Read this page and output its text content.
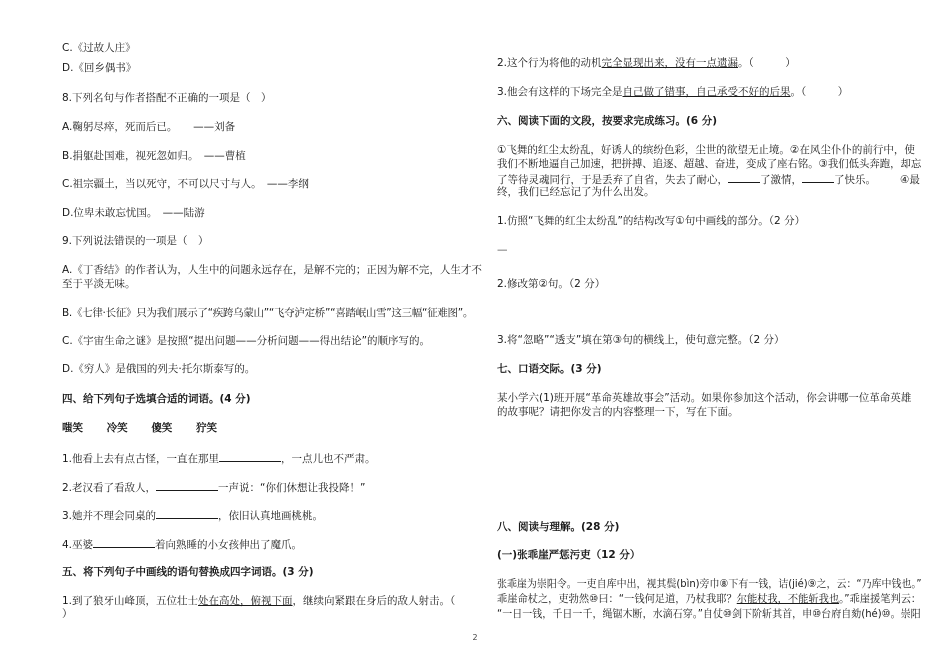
C.《过故人庄》
D.《回乡偶书》
8.下列名句与作者搭配不正确的一项是（　）
A.鞠躬尽瘁，死而后已。　　——刘备
B.捐躯赴国难，视死忽如归。　——曹植
C.祖宗疆土，当以死守，不可以尺寸与人。　——李纲
D.位卑未敢忘忧国。　——陆游
9.下列说法错误的一项是（　）
A.《丁香结》的作者认为，人生中的问题永远存在，是解不完的；正因为解不完，人生才不
至于平淡无味。
B.《七律·长征》只为我们展示了“疾跨乌蒙山”“飞夺泸定桥”“喜踏岷山雪”这三幅“征难图”。
C.《宇宙生命之谜》是按照“提出问题——分析问题——得出结论”的顺序写的。
D.《穷人》是俄国的列夫·托尔斯泰写的。
四、给下列句子选填合适的词语。(4 分)
嗤笑 冷笑 傻笑 狞笑
1.他看上去有点古怪，一直在那里	，一点儿也不严肃。
2.老汉看了看敌人，	一声说：“你们休想让我投降！”
3.她并不理会同桌的	，依旧认真地画桃桃。
4.巫婆	着向熟睡的小女孩伸出了魔爪。
五、将下列句子中画线的语句替换成四字词语。(3 分)
1.到了狼牙山峰顶，五位壮士处在高处，俯视下面，继续向紧跟在身后的敌人射击。（
）
2.这个行为将他的动机完全显现出来，没有一点遗漏。（　　　）
3.他会有这样的下场完全是自己做了错事，自己承受不好的后果。（　　　）
六、阅读下面的文段，按要求完成练习。(6 分)
①飞舞的红尘太纷乱，好诱人的缤纷色彩，尘世的欲望无止境。②在风尘仆仆的前行中，使
我们不断地逼自己加速，把拼搏、追逐、超越、奋进，变成了座右铭。③我们低头奔跑，却忘
了等待灵魂同行，于是丢弃了自省，失去了耐心，	了激情，	了快乐。 ④最
终，我们已经忘记了为什么出发。
1.仿照“飞舞的红尘太纷乱”的结构改写①句中画线的部分。（2 分）
—
2.修改第②句。（2 分）
3.将“忽略”“透支”填在第③句的横线上，使句意完整。（2 分）
七、口语交际。(3 分)
某小学六(1)班开展“革命英雄故事会”活动。如果你参加这个活动，你会讲哪一位革命英雄
的故事呢？请把你发言的内容整理一下，写在下面。
八、阅读与理解。(28 分)
(一)张乖崖严惩污吏（12 分）
张乖崖为崇阳令。一吏自库中出，视其鬓(bìn)旁巾⑧下有一钱，诘(jié)⑨之，云：“乃库中钱也。”
乖崖命杖之，吏勃然⑩曰：“一钱何足道，乃杖我耶？尔能杖我，不能斩我也。”乖崖援笔判云：
“一日一钱，千日一千，绳锯木断，水滴石穿。”自仗⑩剑下阶斩其首，申⑩台府自劾(hé)⑩。崇阳
2
